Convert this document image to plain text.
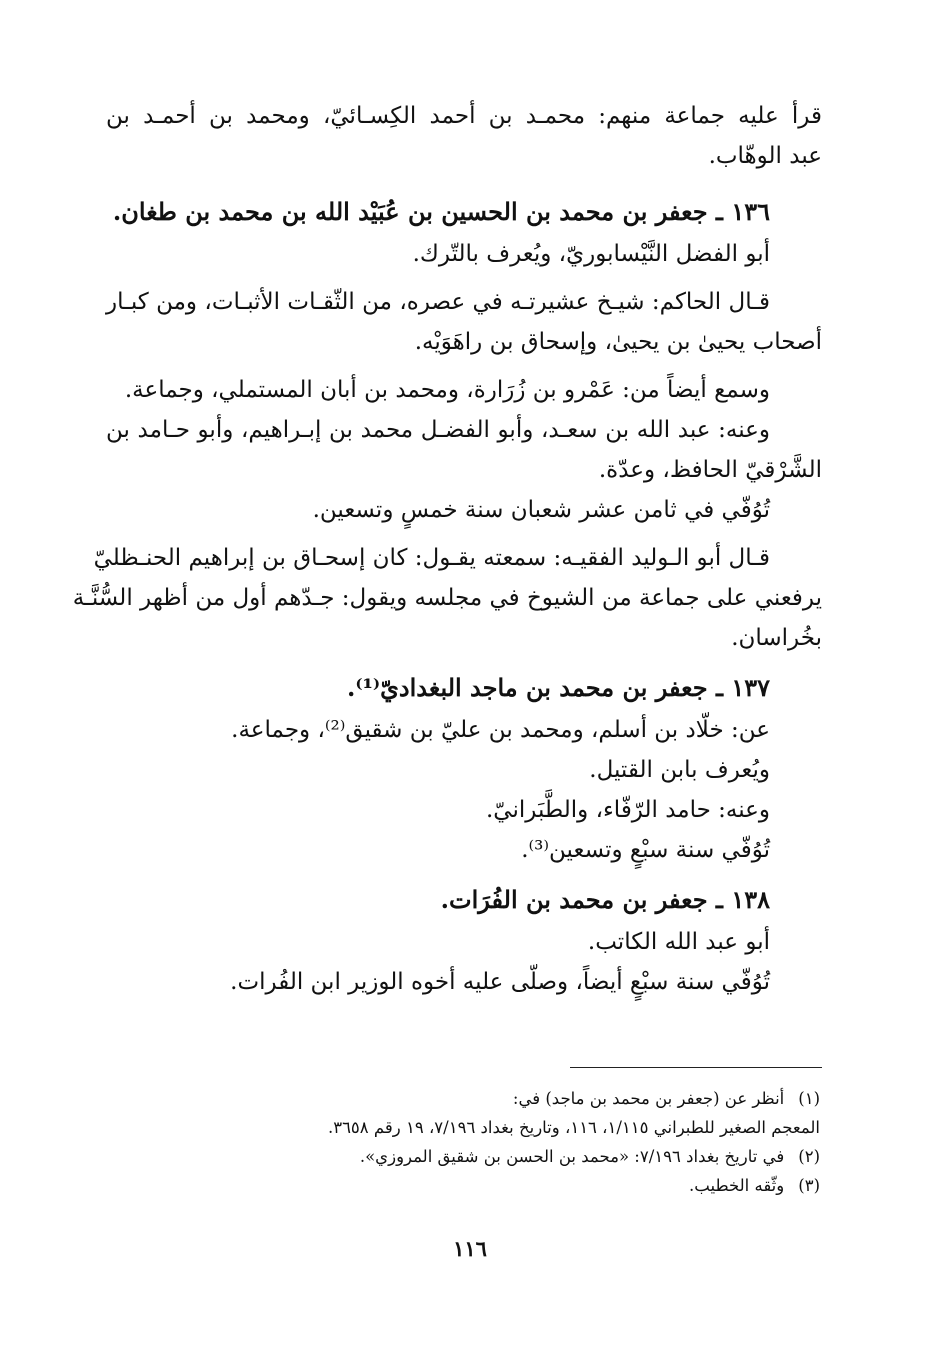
قرأ عليه جماعة منهم: محمـد بن أحمد الكِسـائيّ، ومحمد بن أحمـد بن
عبد الوهّاب.
١٣٦ ـ جعفر بن محمد بن الحسين بن عُبَيْد الله بن محمد بن طغان.
أبو الفضل النَّيْسابوريّ، ويُعرف بالتّرك.
قـال الحاكم: شيـخ عشيرتـه في عصره، من الثّقـات الأثبـات، ومن كبـار
أصحاب يحيىٰ بن يحيىٰ، وإسحاق بن راهَوَيْه.
وسمع أيضاً من: عَمْرو بن زُرَارة، ومحمد بن أبان المستملي، وجماعة.
وعنه: عبد الله بن سعـد، وأبو الفضـل محمد بن إبـراهيم، وأبو حـامد بن
الشَّرْقيّ الحافظ، وعدّة.
تُوُفّي في ثامن عشر شعبان سنة خمسٍ وتسعين.
قـال أبو الـوليد الفقيـه: سمعته يقـول: كان إسحـاق بن إبراهيم الحنـظليّ
يرفعني على جماعة من الشيوخ في مجلسه ويقول: جـدّهم أول من أظهر السُّنَّـة
بخُراسان.
١٣٧ ـ جعفر بن محمد بن ماجد البغداديّ⁽¹⁾.
عن: خلّاد بن أسلم، ومحمد بن عليّ بن شقيق⁽²⁾، وجماعة.
ويُعرف بابن القتيل.
وعنه: حامد الرّفّاء، والطَّبَرانيّ.
تُوُفّي سنة سبْعٍ وتسعين⁽³⁾.
١٣٨ ـ جعفر بن محمد بن الفُرَات.
أبو عبد الله الكاتب.
تُوُفّي سنة سبْعٍ أيضاً، وصلّى عليه أخوه الوزير ابن الفُرات.
(١)أنظر عن (جعفر بن محمد بن ماجد) في:
المعجم الصغير للطبراني ١/١١٥، ١١٦، وتاريخ بغداد ٧/١٩٦، ١٩ رقم ٣٦٥٨.
(٢)في تاريخ بغداد ٧/١٩٦: «محمد بن الحسن بن شقيق المروزي».
(٣)وثّقه الخطيب.
١١٦
